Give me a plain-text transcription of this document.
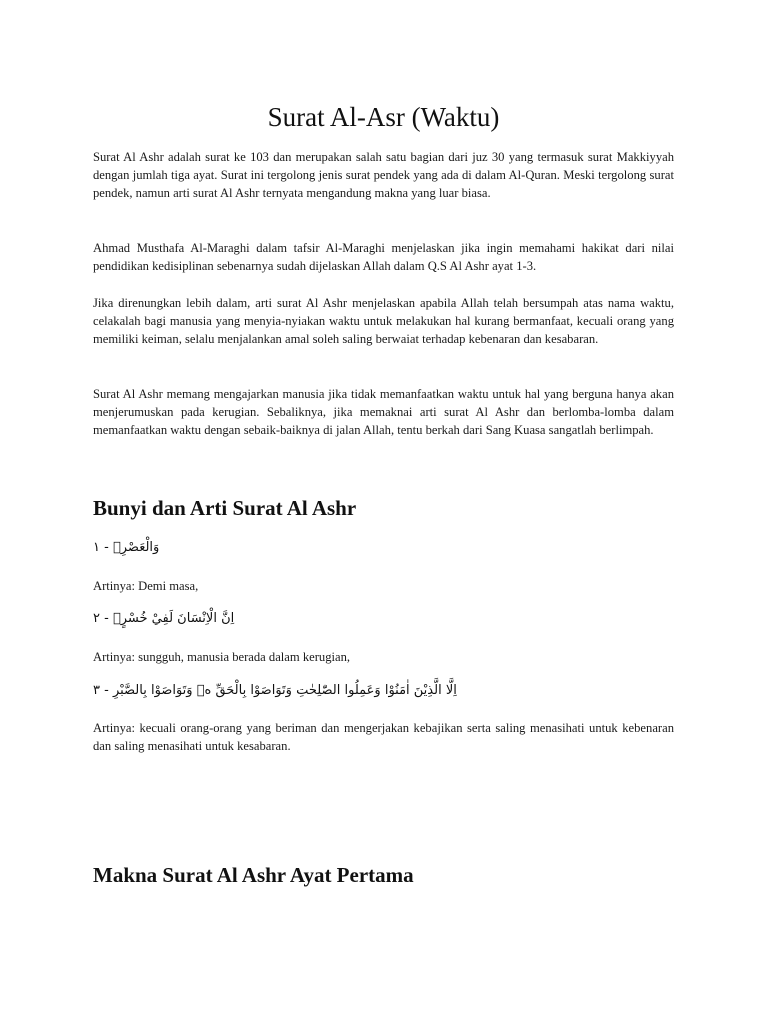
Surat Al-Asr (Waktu)

Surat Al Ashr adalah surat ke 103 dan merupakan salah satu bagian dari juz 30 yang termasuk surat Makkiyyah dengan jumlah tiga ayat. Surat ini tergolong jenis surat pendek yang ada di dalam Al-Quran. Meski tergolong surat pendek, namun arti surat Al Ashr ternyata mengandung makna yang luar biasa.

Ahmad Musthafa Al-Maraghi dalam tafsir Al-Maraghi menjelaskan jika ingin memahami hakikat dari nilai pendidikan kedisiplinan sebenarnya sudah dijelaskan Allah dalam Q.S Al Ashr ayat 1-3.

Jika direnungkan lebih dalam, arti surat Al Ashr menjelaskan apabila Allah telah bersumpah atas nama waktu, celakalah bagi manusia yang menyia-nyiakan waktu untuk melakukan hal kurang bermanfaat, kecuali orang yang memiliki keiman, selalu menjalankan amal soleh saling berwaiat terhadap kebenaran dan kesabaran.

Surat Al Ashr memang mengajarkan manusia jika tidak memanfaatkan waktu untuk hal yang berguna hanya akan menjerumuskan pada kerugian. Sebaliknya, jika memaknai arti surat Al Ashr dan berlomba-lomba dalam memanfaatkan waktu dengan sebaik-baiknya di jalan Allah, tentu berkah dari Sang Kuasa sangatlah berlimpah.

Bunyi dan Arti Surat Al Ashr

وَالْعَصْرِۙ - ١

Artinya: Demi masa,

اِنَّ الْاِنْسَانَ لَفِيْ خُسْرٍۙ - ٢

Artinya: sungguh, manusia berada dalam kerugian,

اِلَّا الَّذِيْنَ اٰمَنُوْا وَعَمِلُوا الصّٰلِحٰتِ وَتَوَاصَوْا بِالْحَقِّ ەۙ وَتَوَاصَوْا بِالصَّبْرِ - ٣

Artinya: kecuali orang-orang yang beriman dan mengerjakan kebajikan serta saling menasihati untuk kebenaran dan saling menasihati untuk kesabaran.

Makna Surat Al Ashr Ayat Pertama
